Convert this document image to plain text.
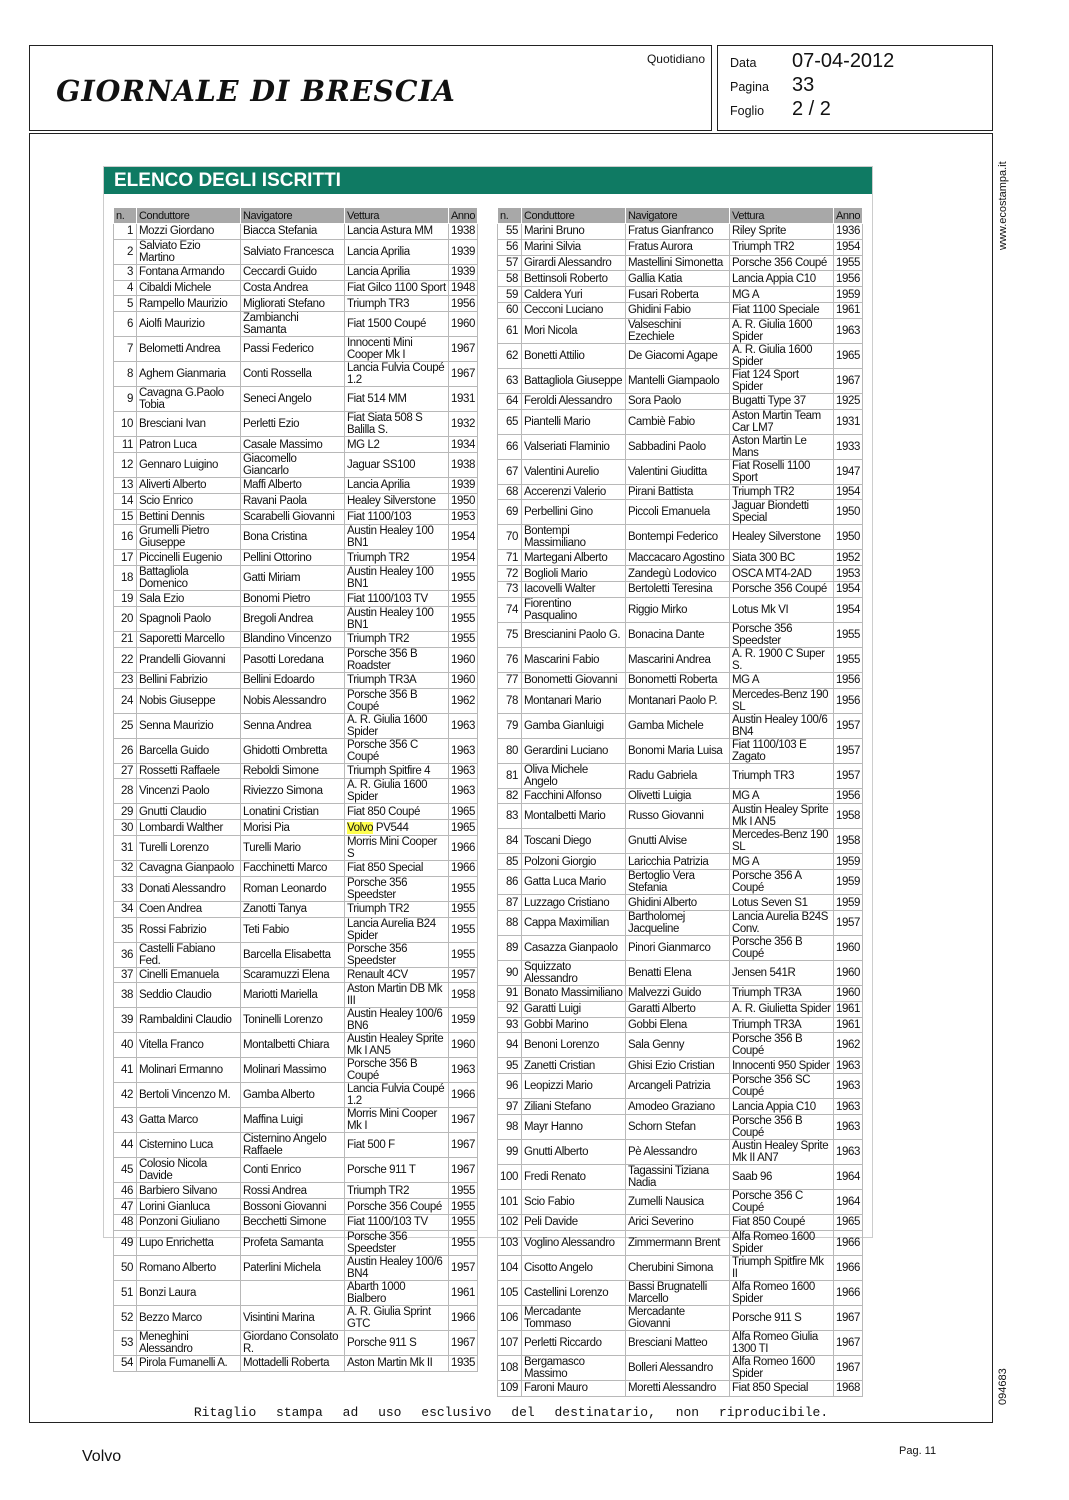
GIORNALE DI BRESCIA
Quotidiano Data 07-04-2012
Pagina 33
Foglio 2 / 2
Ritaglio stampa ad uso esclusivo del destinatario, non riproducibile.
www.ecostampa.it
094683
ELENCO DEGLI ISCRITTI
n.	Conduttore	Navigatore	Vettura	Anno
1	Mozzi Giordano	Biacca Stefania	Lancia Astura MM	1938
2	Salviato Ezio Martino	Salviato Francesca	Lancia Aprilia	1939
3	Fontana Armando	Ceccardi Guido	Lancia Aprilia	1939
4	Cibaldi Michele	Costa Andrea	Fiat Gilco 1100 Sport	1948
5	Rampello Maurizio	Migliorati Stefano	Triumph TR3	1956
6	Aiolfi Maurizio	Zambianchi Samanta	Fiat 1500 Coupé	1960
7	Belometti Andrea	Passi Federico	Innocenti Mini Cooper Mk I	1967
8	Aghem Gianmaria	Conti Rossella	Lancia Fulvia Coupé 1.2	1967
9	Cavagna G.Paolo Tobia	Seneci Angelo	Fiat 514 MM	1931
10	Bresciani Ivan	Perletti Ezio	Fiat Siata 508 S Balilla S.	1932
11	Patron Luca	Casale Massimo	MG L2	1934
12	Gennaro Luigino	Giacomello Giancarlo	Jaguar SS100	1938
13	Aliverti Alberto	Maffi Alberto	Lancia Aprilia	1939
14	Scio Enrico	Ravani Paola	Healey Silverstone	1950
15	Bettini Dennis	Scarabelli Giovanni	Fiat 1100/103	1953
16	Grumelli Pietro Giuseppe	Bona Cristina	Austin Healey 100 BN1	1954
17	Piccinelli Eugenio	Pellini Ottorino	Triumph TR2	1954
18	Battagliola Domenico	Gatti Miriam	Austin Healey 100 BN1	1955
19	Sala Ezio	Bonomi Pietro	Fiat 1100/103 TV	1955
20	Spagnoli Paolo	Bregoli Andrea	Austin Healey 100 BN1	1955
21	Saporetti Marcello	Blandino Vincenzo	Triumph TR2	1955
22	Prandelli Giovanni	Pasotti Loredana	Porsche 356 B Roadster	1960
23	Bellini Fabrizio	Bellini Edoardo	Triumph TR3A	1960
24	Nobis Giuseppe	Nobis Alessandro	Porsche 356 B Coupé	1962
25	Senna Maurizio	Senna Andrea	A. R. Giulia 1600 Spider	1963
26	Barcella Guido	Ghidotti Ombretta	Porsche 356 C Coupé	1963
27	Rossetti Raffaele	Reboldi Simone	Triumph Spitfire 4	1963
28	Vincenzi Paolo	Riviezzo Simona	A. R. Giulia 1600 Spider	1963
29	Gnutti Claudio	Lonatini Cristian	Fiat 850 Coupé	1965
30	Lombardi Walther	Morisi Pia	Volvo PV544	1965
31	Turelli Lorenzo	Turelli Mario	Morris Mini Cooper S	1966
32	Cavagna Gianpaolo	Facchinetti Marco	Fiat 850 Special	1966
33	Donati Alessandro	Roman Leonardo	Porsche 356 Speedster	1955
34	Coen Andrea	Zanotti Tanya	Triumph TR2	1955
35	Rossi Fabrizio	Teti Fabio	Lancia Aurelia B24 Spider	1955
36	Castelli Fabiano Fed.	Barcella Elisabetta	Porsche 356 Speedster	1955
37	Cinelli Emanuela	Scaramuzzi Elena	Renault 4CV	1957
38	Seddio Claudio	Mariotti Mariella	Aston Martin DB Mk III	1958
39	Rambaldini Claudio	Toninelli Lorenzo	Austin Healey 100/6 BN6	1959
40	Vitella Franco	Montalbetti Chiara	Austin Healey Sprite Mk I AN5	1960
41	Molinari Ermanno	Molinari Massimo	Porsche 356 B Coupé	1963
42	Bertoli Vincenzo M.	Gamba Alberto	Lancia Fulvia Coupé 1.2	1966
43	Gatta Marco	Maffina Luigi	Morris Mini Cooper Mk I	1967
44	Cisternino Luca	Cisternino Angelo Raffaele	Fiat 500 F	1967
45	Colosio Nicola Davide	Conti Enrico	Porsche 911 T	1967
46	Barbiero Silvano	Rossi Andrea	Triumph TR2	1955
47	Lorini Gianluca	Bossoni Giovanni	Porsche 356 Coupé	1955
48	Ponzoni Giuliano	Becchetti Simone	Fiat 1100/103 TV	1955
49	Lupo Enrichetta	Profeta Samanta	Porsche 356 Speedster	1955
50	Romano Alberto	Paterlini Michela	Austin Healey 100/6 BN4	1957
51	Bonzi Laura		Abarth 1000 Bialbero	1961
52	Bezzo Marco	Visintini Marina	A. R. Giulia Sprint GTC	1966
53	Meneghini Alessandro	Giordano Consolato R.	Porsche 911 S	1967
54	Pirola Fumanelli A.	Mottadelli Roberta	Aston Martin Mk II	1935
n.	Conduttore	Navigatore	Vettura	Anno
55	Marini Bruno	Fratus Gianfranco	Riley Sprite	1936
56	Marini Silvia	Fratus Aurora	Triumph TR2	1954
57	Girardi Alessandro	Mastellini Simonetta	Porsche 356 Coupé	1955
58	Bettinsoli Roberto	Gallia Katia	Lancia Appia C10	1956
59	Caldera Yuri	Fusari Roberta	MG A	1959
60	Cecconi Luciano	Ghidini Fabio	Fiat 1100 Speciale	1961
61	Mori Nicola	Valseschini Ezechiele	A. R. Giulia 1600 Spider	1963
62	Bonetti Attilio	De Giacomi Agape	A. R. Giulia 1600 Spider	1965
63	Battagliola Giuseppe	Mantelli Giampaolo	Fiat 124 Sport Spider	1967
64	Feroldi Alessandro	Sora Paolo	Bugatti Type 37	1925
65	Piantelli Mario	Cambiè Fabio	Aston Martin Team Car LM7	1931
66	Valseriati Flaminio	Sabbadini Paolo	Aston Martin Le Mans	1933
67	Valentini Aurelio	Valentini Giuditta	Fiat Roselli 1100 Sport	1947
68	Accerenzi Valerio	Pirani Battista	Triumph TR2	1954
69	Perbellini Gino	Piccoli Emanuela	Jaguar Biondetti Special	1950
70	Bontempi Massimiliano	Bontempi Federico	Healey Silverstone	1950
71	Martegani Alberto	Maccacaro Agostino	Siata 300 BC	1952
72	Boglioli Mario	Zandegù Lodovico	OSCA MT4-2AD	1953
73	Iacovelli Walter	Bertoletti Teresina	Porsche 356 Coupé	1954
74	Fiorentino Pasqualino	Riggio Mirko	Lotus Mk VI	1954
75	Brescianini Paolo G.	Bonacina Dante	Porsche 356 Speedster	1955
76	Mascarini Fabio	Mascarini Andrea	A. R. 1900 C Super S.	1955
77	Bonometti Giovanni	Bonometti Roberta	MG A	1956
78	Montanari Mario	Montanari Paolo P.	Mercedes-Benz 190 SL	1956
79	Gamba Gianluigi	Gamba Michele	Austin Healey 100/6 BN4	1957
80	Gerardini Luciano	Bonomi Maria Luisa	Fiat 1100/103 E Zagato	1957
81	Oliva Michele Angelo	Radu Gabriela	Triumph TR3	1957
82	Facchini Alfonso	Olivetti Luigia	MG A	1956
83	Montalbetti Mario	Russo Giovanni	Austin Healey Sprite Mk I AN5	1958
84	Toscani Diego	Gnutti Alvise	Mercedes-Benz 190 SL	1958
85	Polzoni Giorgio	Laricchia Patrizia	MG A	1959
86	Gatta Luca Mario	Bertoglio Vera Stefania	Porsche 356 A Coupé	1959
87	Luzzago Cristiano	Ghidini Alberto	Lotus Seven S1	1959
88	Cappa Maximilian	Bartholomej Jacqueline	Lancia Aurelia B24S Conv.	1957
89	Casazza Gianpaolo	Pinori Gianmarco	Porsche 356 B Coupé	1960
90	Squizzato Alessandro	Benatti Elena	Jensen 541R	1960
91	Bonato Massimiliano	Malvezzi Guido	Triumph TR3A	1960
92	Garatti Luigi	Garatti Alberto	A. R. Giulietta Spider	1961
93	Gobbi Marino	Gobbi Elena	Triumph TR3A	1961
94	Benoni Lorenzo	Sala Genny	Porsche 356 B Coupé	1962
95	Zanetti Cristian	Ghisi Ezio Cristian	Innocenti 950 Spider	1963
96	Leopizzi Mario	Arcangeli Patrizia	Porsche 356 SC Coupé	1963
97	Ziliani Stefano	Amodeo Graziano	Lancia Appia C10	1963
98	Mayr Hanno	Schorn Stefan	Porsche 356 B Coupé	1963
99	Gnutti Alberto	Pè Alessandro	Austin Healey Sprite Mk II AN7	1963
100	Fredi Renato	Tagassini Tiziana Nadia	Saab 96	1964
101	Scio Fabio	Zumelli Nausica	Porsche 356 C Coupé	1964
102	Peli Davide	Arici Severino	Fiat 850 Coupé	1965
103	Voglino Alessandro	Zimmermann Brent	Alfa Romeo 1600 Spider	1966
104	Cisotto Angelo	Cherubini Simona	Triumph Spitfire Mk II	1966
105	Castellini Lorenzo	Bassi Brugnatelli Marcello	Alfa Romeo 1600 Spider	1966
106	Mercadante Tommaso	Mercadante Giovanni	Porsche 911 S	1967
107	Perletti Riccardo	Bresciani Matteo	Alfa Romeo Giulia 1300 TI	1967
108	Bergamasco Massimo	Bolleri Alessandro	Alfa Romeo 1600 Spider	1967
109	Faroni Mauro	Moretti Alessandro	Fiat 850 Special	1968
Volvo	Pag. 11
